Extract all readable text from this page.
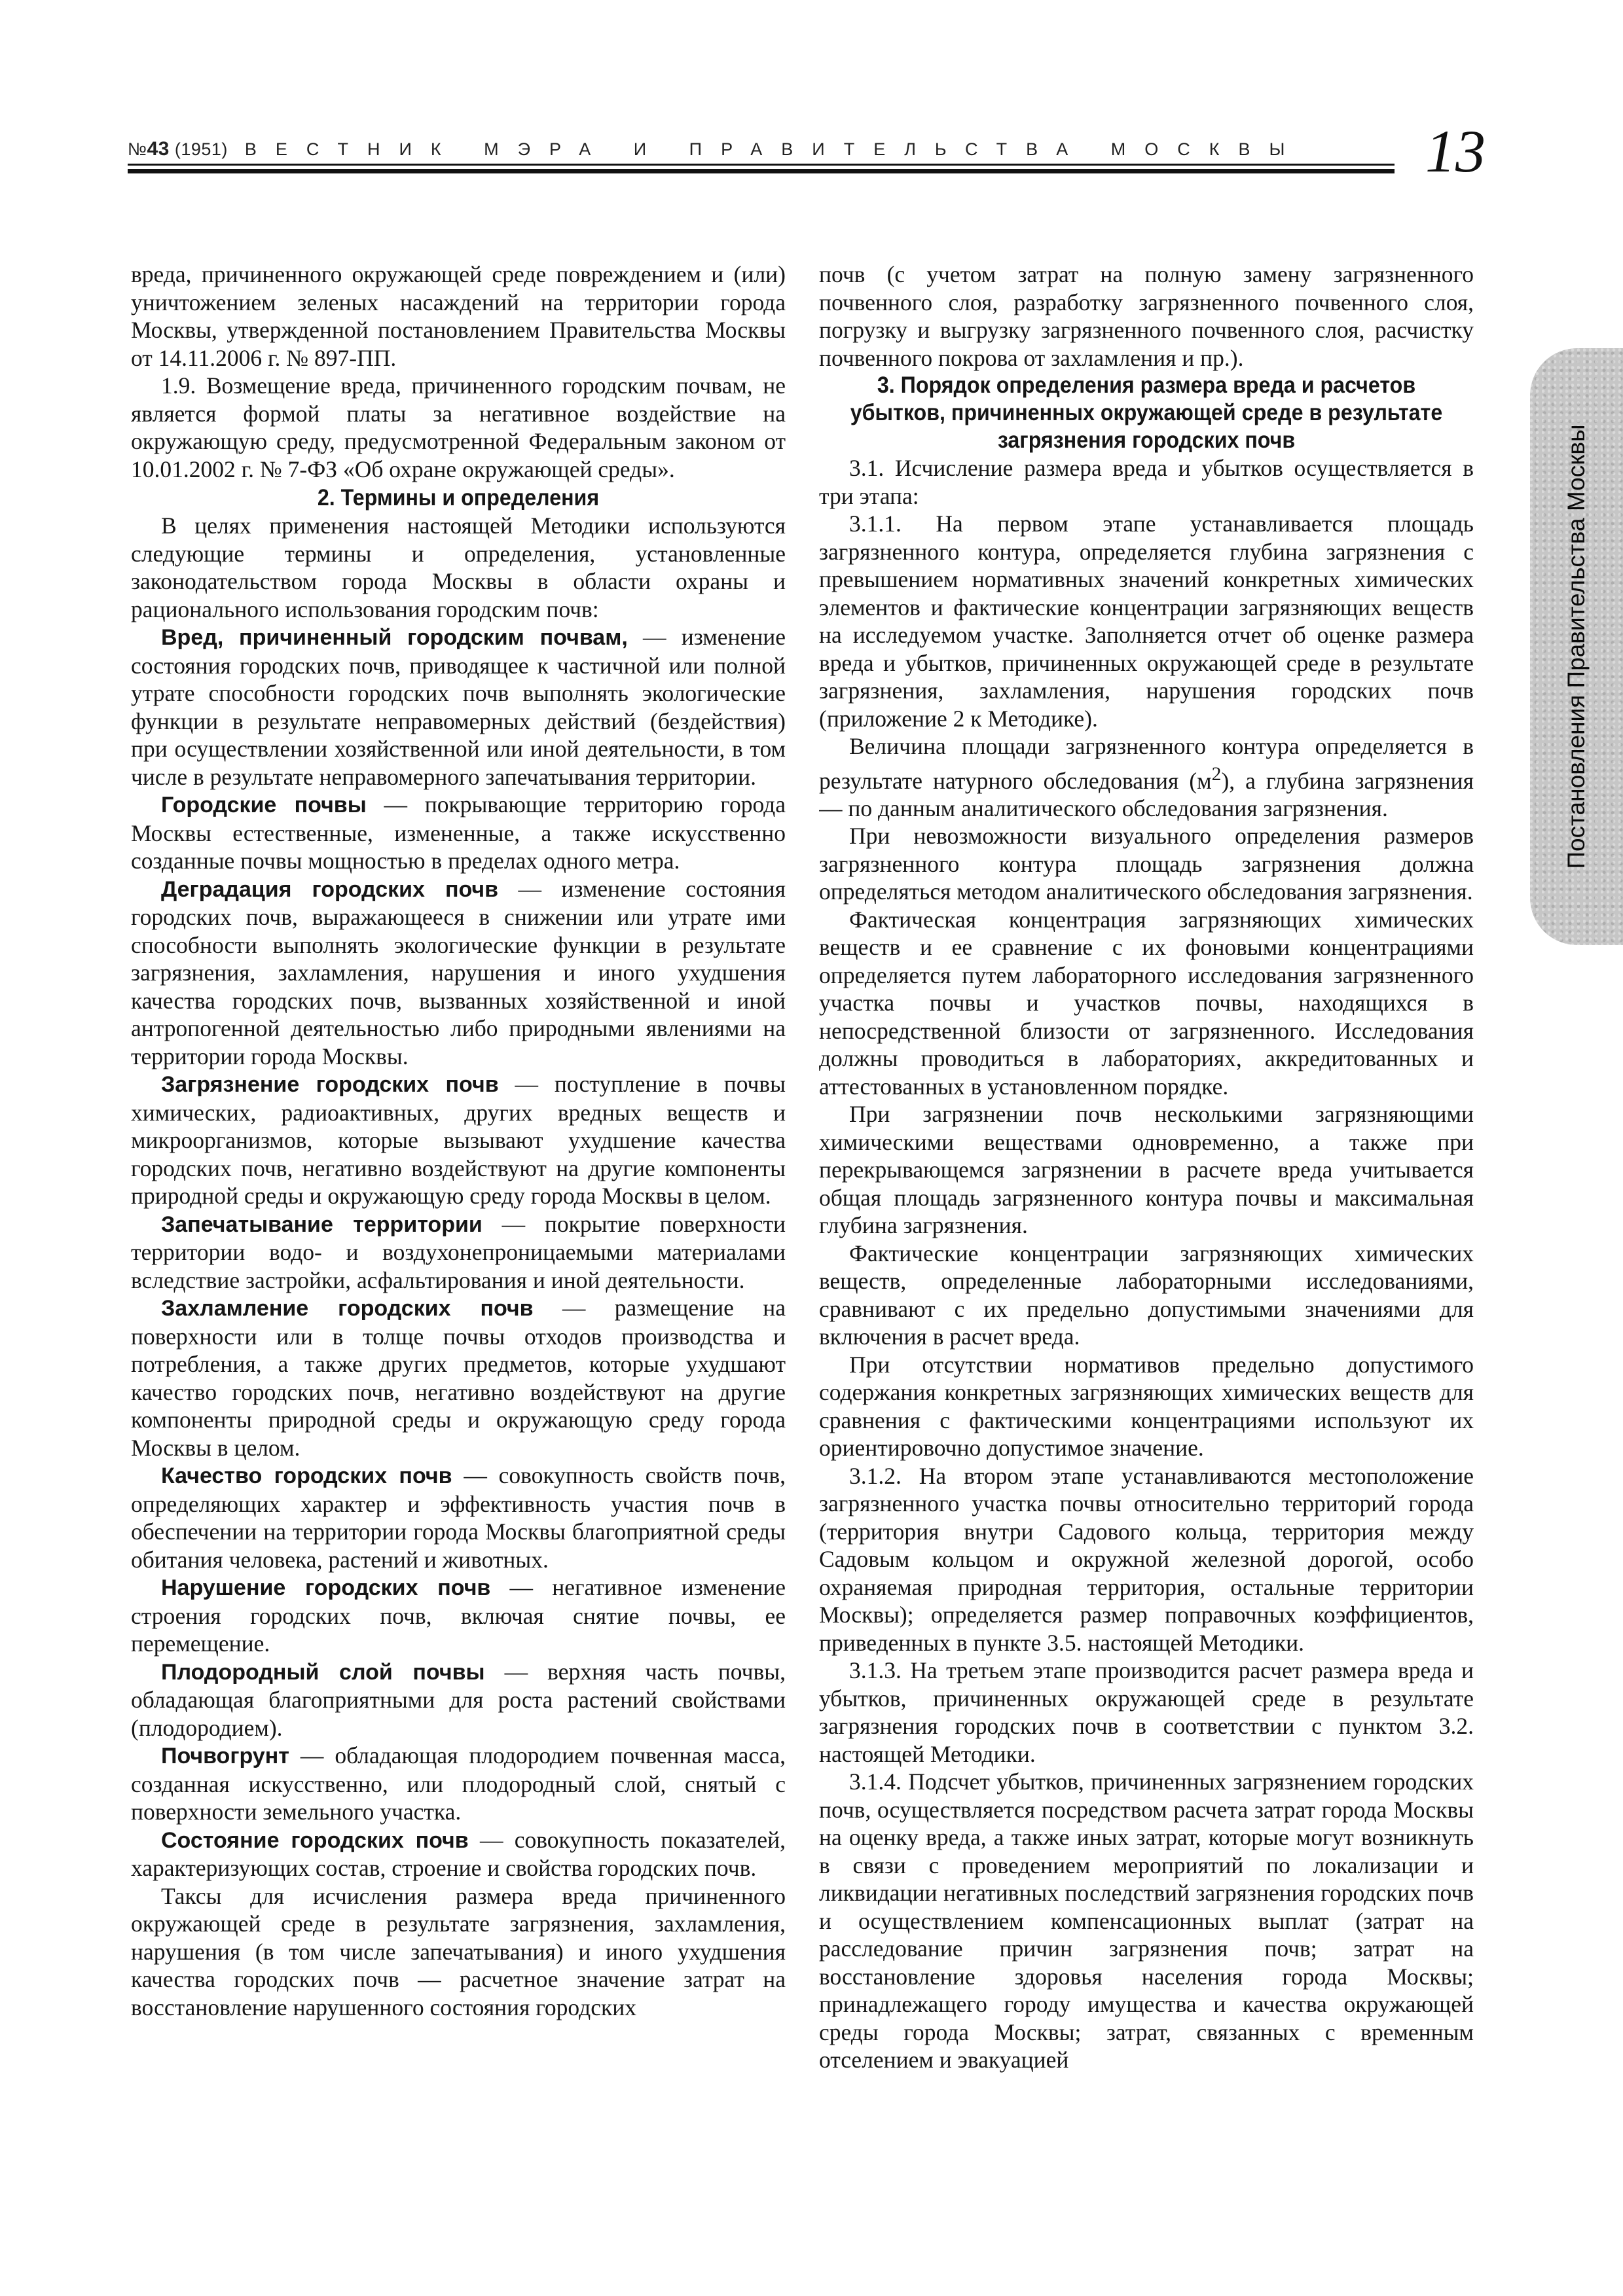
№43 (1951) ВЕСТНИК МЭРА И ПРАВИТЕЛЬСТВА МОСКВЫ	13
Постановления Правительства Москвы

вреда, причиненного окружающей среде повреждением и (или) уничтожением зеленых насаждений на территории города Москвы, утвержденной постановлением Правительства Москвы от 14.11.2006 г. № 897-ПП.

1.9. Возмещение вреда, причиненного городским почвам, не является формой платы за негативное воздействие на окружающую среду, предусмотренной Федеральным законом от 10.01.2002 г. № 7-ФЗ «Об охране окружающей среды».

2. Термины и определения

В целях применения настоящей Методики используются следующие термины и определения, установленные законодательством города Москвы в области охраны и рационального использования городским почв:

Вред, причиненный городским почвам, — изменение состояния городских почв, приводящее к частичной или полной утрате способности городских почв выполнять экологические функции в результате неправомерных действий (бездействия) при осуществлении хозяйственной или иной деятельности, в том числе в результате неправомерного запечатывания территории.

Городские почвы — покрывающие территорию города Москвы естественные, измененные, а также искусственно созданные почвы мощностью в пределах одного метра.

Деградация городских почв — изменение состояния городских почв, выражающееся в снижении или утрате ими способности выполнять экологические функции в результате загрязнения, захламления, нарушения и иного ухудшения качества городских почв, вызванных хозяйственной и иной антропогенной деятельностью либо природными явлениями на территории города Москвы.

Загрязнение городских почв — поступление в почвы химических, радиоактивных, других вредных веществ и микроорганизмов, которые вызывают ухудшение качества городских почв, негативно воздействуют на другие компоненты природной среды и окружающую среду города Москвы в целом.

Запечатывание территории — покрытие поверхности территории водо- и воздухонепроницаемыми материалами вследствие застройки, асфальтирования и иной деятельности.

Захламление городских почв — размещение на поверхности или в толще почвы отходов производства и потребления, а также других предметов, которые ухудшают качество городских почв, негативно воздействуют на другие компоненты природной среды и окружающую среду города Москвы в целом.

Качество городских почв — совокупность свойств почв, определяющих характер и эффективность участия почв в обеспечении на территории города Москвы благоприятной среды обитания человека, растений и животных.

Нарушение городских почв — негативное изменение строения городских почв, включая снятие почвы, ее перемещение.

Плодородный слой почвы — верхняя часть почвы, обладающая благоприятными для роста растений свойствами (плодородием).

Почвогрунт — обладающая плодородием почвенная масса, созданная искусственно, или плодородный слой, снятый с поверхности земельного участка.

Состояние городских почв — совокупность показателей, характеризующих состав, строение и свойства городских почв.

Таксы для исчисления размера вреда причиненного окружающей среде в результате загрязнения, захламления, нарушения (в том числе запечатывания) и иного ухудшения качества городских почв — расчетное значение затрат на восстановление нарушенного состояния городских

почв (с учетом затрат на полную замену загрязненного почвенного слоя, разработку загрязненного почвенного слоя, погрузку и выгрузку загрязненного почвенного слоя, расчистку почвенного покрова от захламления и пр.).

3. Порядок определения размера вреда и расчетов убытков, причиненных окружающей среде в результате загрязнения городских почв

3.1. Исчисление размера вреда и убытков осуществляется в три этапа:

3.1.1. На первом этапе устанавливается площадь загрязненного контура, определяется глубина загрязнения с превышением нормативных значений конкретных химических элементов и фактические концентрации загрязняющих веществ на исследуемом участке. Заполняется отчет об оценке размера вреда и убытков, причиненных окружающей среде в результате загрязнения, захламления, нарушения городских почв (приложение 2 к Методике).

Величина площади загрязненного контура определяется в результате натурного обследования $(м^2)$, а глубина загрязнения — по данным аналитического обследования загрязнения.

При невозможности визуального определения размеров загрязненного контура площадь загрязнения должна определяться методом аналитического обследования загрязнения.

Фактическая концентрация загрязняющих химических веществ и ее сравнение с их фоновыми концентрациями определяется путем лабораторного исследования загрязненного участка почвы и участков почвы, находящихся в непосредственной близости от загрязненного. Исследования должны проводиться в лабораториях, аккредитованных и аттестованных в установленном порядке.

При загрязнении почв несколькими загрязняющими химическими веществами одновременно, а также при перекрывающемся загрязнении в расчете вреда учитывается общая площадь загрязненного контура почвы и максимальная глубина загрязнения.

Фактические концентрации загрязняющих химических веществ, определенные лабораторными исследованиями, сравнивают с их предельно допустимыми значениями для включения в расчет вреда.

При отсутствии нормативов предельно допустимого содержания конкретных загрязняющих химических веществ для сравнения с фактическими концентрациями используют их ориентировочно допустимое значение.

3.1.2. На втором этапе устанавливаются местоположение загрязненного участка почвы относительно территорий города (территория внутри Садового кольца, территория между Садовым кольцом и окружной железной дорогой, особо охраняемая природная территория, остальные территории Москвы); определяется размер поправочных коэффициентов, приведенных в пункте 3.5. настоящей Методики.

3.1.3. На третьем этапе производится расчет размера вреда и убытков, причиненных окружающей среде в результате загрязнения городских почв в соответствии с пунктом 3.2. настоящей Методики.

3.1.4. Подсчет убытков, причиненных загрязнением городских почв, осуществляется посредством расчета затрат города Москвы на оценку вреда, а также иных затрат, которые могут возникнуть в связи с проведением мероприятий по локализации и ликвидации негативных последствий загрязнения городских почв и осуществлением компенсационных выплат (затрат на расследование причин загрязнения почв; затрат на восстановление здоровья населения города Москвы; принадлежащего городу имущества и качества окружающей среды города Москвы; затрат, связанных с временным отселением и эвакуацией
